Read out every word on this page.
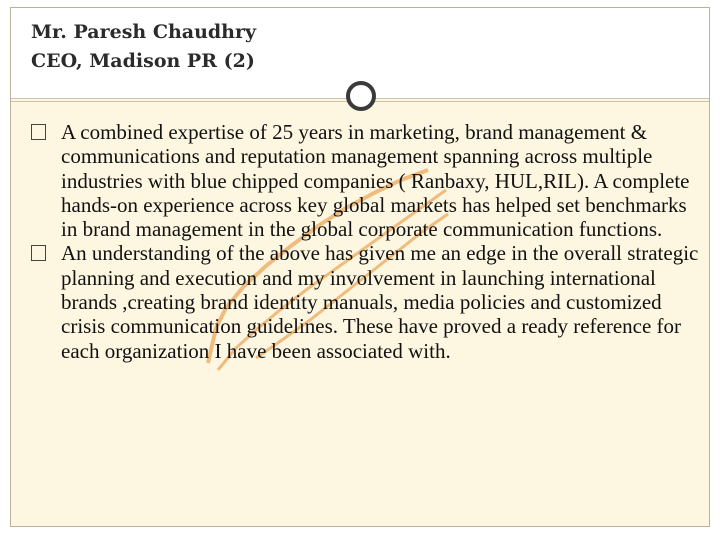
Mr. Paresh Chaudhry
CEO, Madison PR (2)
A combined expertise of 25 years in marketing, brand management & communications and reputation management spanning across multiple industries with blue chipped companies ( Ranbaxy, HUL,RIL). A complete hands-on experience across key global markets has helped set benchmarks in brand management in the global corporate communication functions.
An understanding of the above has given me an edge in the overall strategic planning and execution and my involvement in launching international brands ,creating brand identity manuals, media policies and customized crisis communication guidelines. These have proved a ready reference for each organization I have been associated with.
